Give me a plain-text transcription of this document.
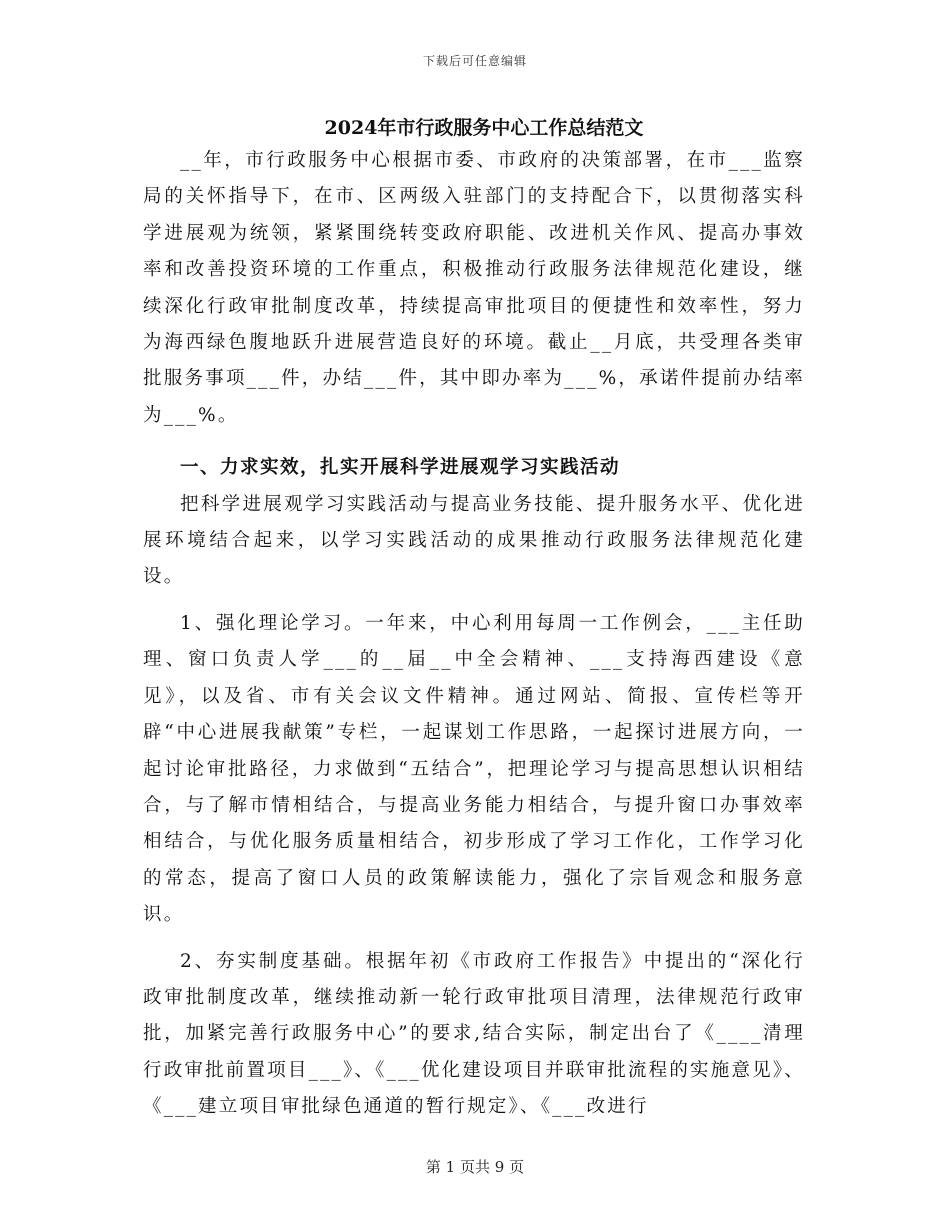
下载后可任意编辑
2024年市行政服务中心工作总结范文

__年，市行政服务中心根据市委、市政府的决策部署，在市___监察局的关怀指导下，在市、区两级入驻部门的支持配合下，以贯彻落实科学进展观为统领，紧紧围绕转变政府职能、改进机关作风、提高办事效率和改善投资环境的工作重点，积极推动行政服务法律规范化建设，继续深化行政审批制度改革，持续提高审批项目的便捷性和效率性，努力为海西绿色腹地跃升进展营造良好的环境。截止__月底，共受理各类审批服务事项___件，办结___件，其中即办率为___%，承诺件提前办结率为___%。

一、力求实效，扎实开展科学进展观学习实践活动

把科学进展观学习实践活动与提高业务技能、提升服务水平、优化进展环境结合起来，以学习实践活动的成果推动行政服务法律规范化建设。

1、强化理论学习。一年来，中心利用每周一工作例会，___主任助理、窗口负责人学___的__届__中全会精神、___支持海西建设《意见》，以及省、市有关会议文件精神。通过网站、简报、宣传栏等开辟“中心进展我献策”专栏，一起谋划工作思路，一起探讨进展方向，一起讨论审批路径，力求做到“五结合”，把理论学习与提高思想认识相结合，与了解市情相结合，与提高业务能力相结合，与提升窗口办事效率相结合，与优化服务质量相结合，初步形成了学习工作化，工作学习化的常态，提高了窗口人员的政策解读能力，强化了宗旨观念和服务意识。

2、夯实制度基础。根据年初《市政府工作报告》中提出的“深化行政审批制度改革，继续推动新一轮行政审批项目清理，法律规范行政审批，加紧完善行政服务中心”的要求,结合实际，制定出台了《____清理行政审批前置项目___》、《___优化建设项目并联审批流程的实施意见》、《___建立项目审批绿色通道的暂行规定》、《___改进行

第 1 页共 9 页
